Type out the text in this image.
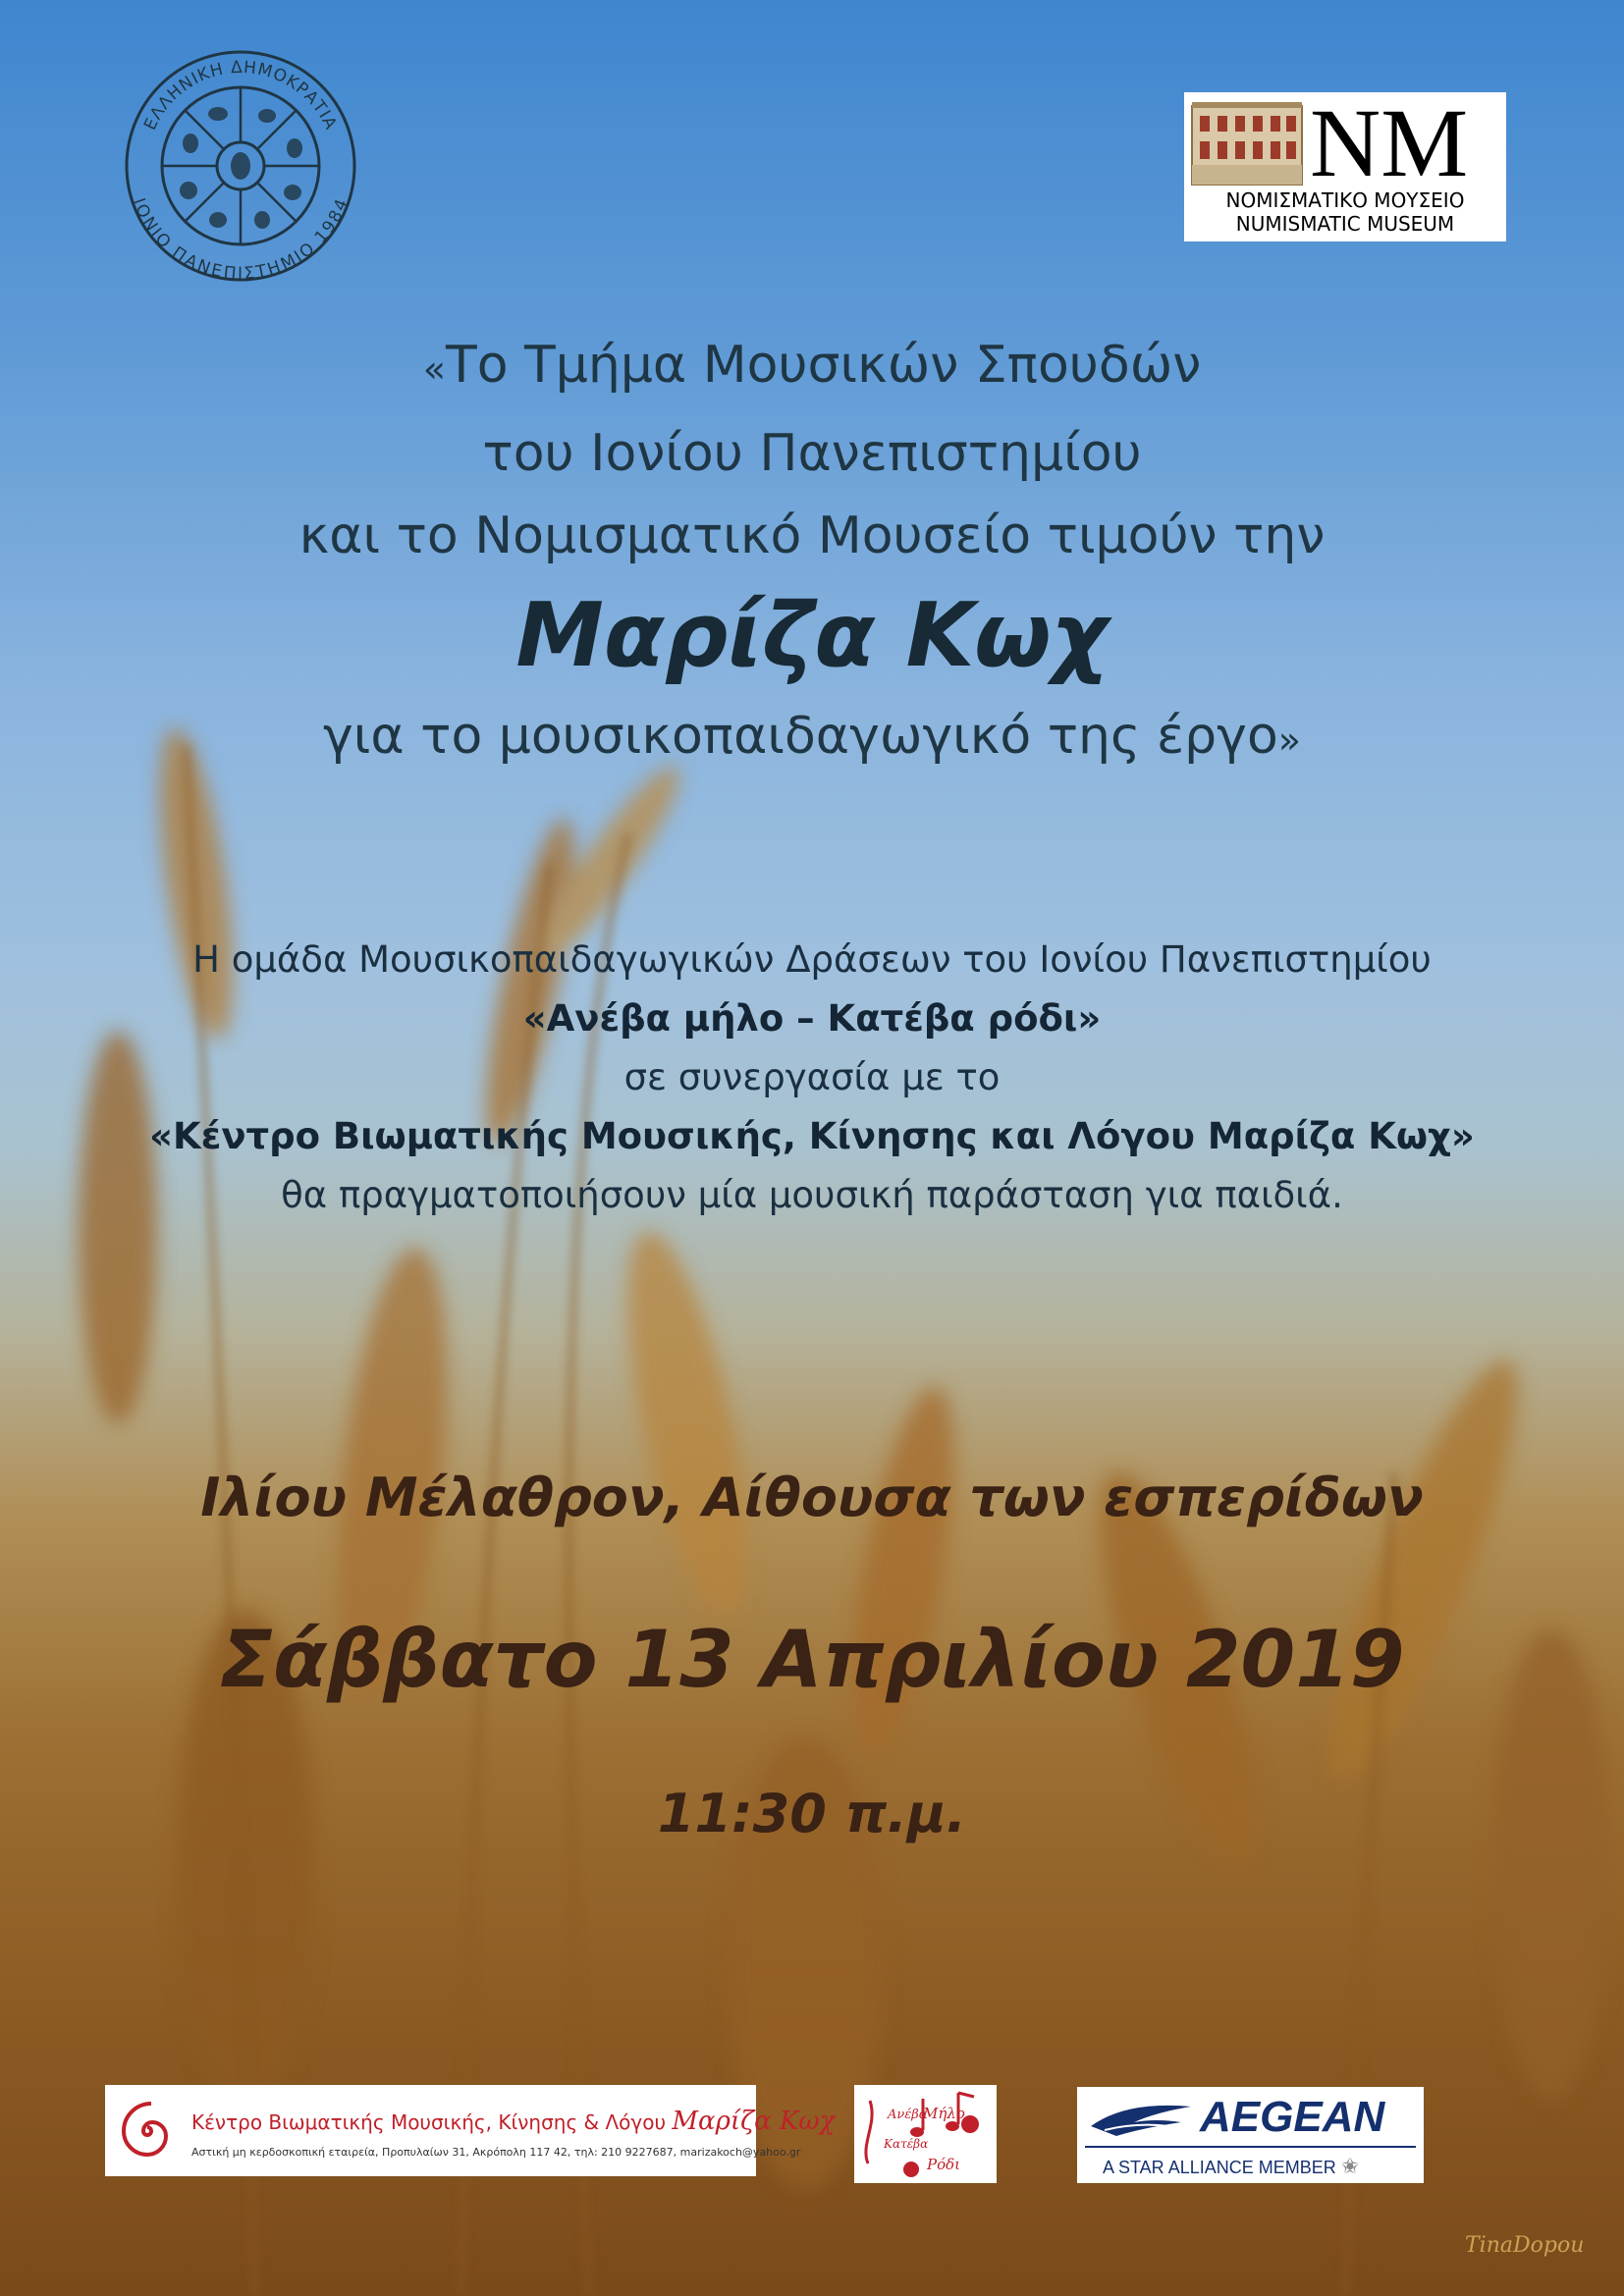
ΕΛΛΗΝΙΚΗ ΔΗΜΟΚΡΑΤΙΑ
ΙΟΝΙΟ ΠΑΝΕΠΙΣΤΗΜΙΟ 1984
NM
ΝΟΜΙΣΜΑΤΙΚΟ ΜΟΥΣΕΙΟ
NUMISMATIC MUSEUM
«Το Τμήμα Μουσικών Σπουδών
του Ιονίου Πανεπιστημίου
και το Νομισματικό Μουσείο τιμούν την
Μαρίζα Κωχ
για το μουσικοπαιδαγωγικό της έργο»
Η ομάδα Μουσικοπαιδαγωγικών Δράσεων του Ιονίου Πανεπιστημίου
«Ανέβα μήλο – Κατέβα ρόδι»
σε συνεργασία με το
«Κέντρο Βιωματικής Μουσικής, Κίνησης και Λόγου Μαρίζα Κωχ»
θα πραγματοποιήσουν μία μουσική παράσταση για παιδιά.
Ιλίου Μέλαθρον, Αίθουσα των εσπερίδων
Σάββατο 13 Απριλίου 2019
11:30 π.μ.
Κέντρο Βιωματικής Μουσικής, Κίνησης & Λόγου Μαρίζα Κωχ
Αστική μη κερδοσκοπική εταιρεία, Προπυλαίων 31, Ακρόπολη 117 42, τηλ: 210 9227687, marizakoch@yahoo.gr
Ανέβα
Μήλο
Κατέβα
Ρόδι
AEGEAN
A STAR ALLIANCE MEMBER ✬
TinaDopou
